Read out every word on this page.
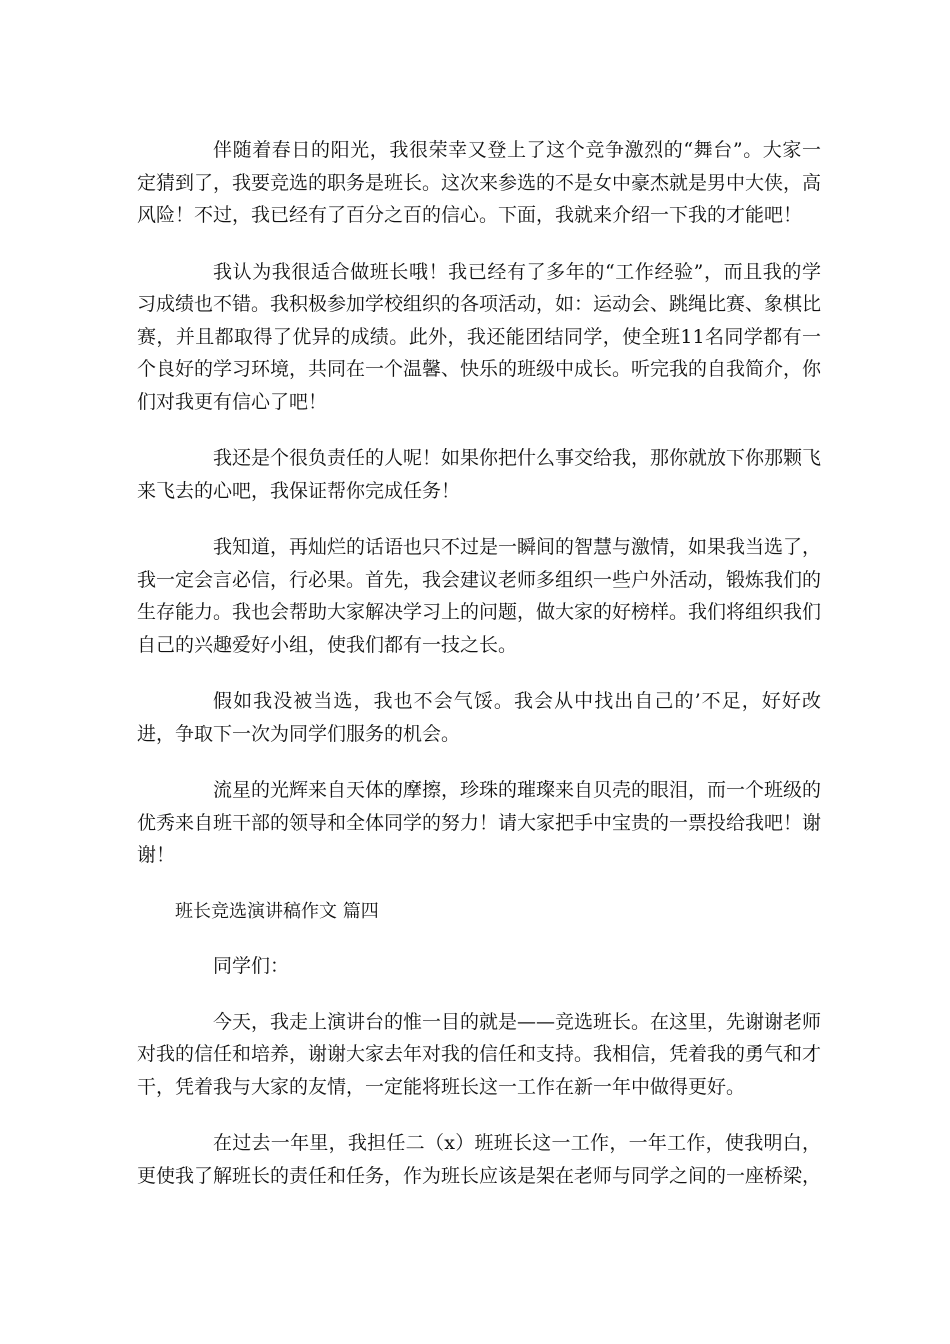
伴随着春日的阳光，我很荣幸又登上了这个竞争激烈的“舞台”。大家一定猜到了，我要竞选的职务是班长。这次来参选的不是女中豪杰就是男中大侠，高风险！不过，我已经有了百分之百的信心。下面，我就来介绍一下我的才能吧！

我认为我很适合做班长哦！我已经有了多年的“工作经验”，而且我的学习成绩也不错。我积极参加学校组织的各项活动，如：运动会、跳绳比赛、象棋比赛，并且都取得了优异的成绩。此外，我还能团结同学，使全班11名同学都有一个良好的学习环境，共同在一个温馨、快乐的班级中成长。听完我的自我简介，你们对我更有信心了吧！

我还是个很负责任的人呢！如果你把什么事交给我，那你就放下你那颗飞来飞去的心吧，我保证帮你完成任务！

我知道，再灿烂的话语也只不过是一瞬间的智慧与激情，如果我当选了，我一定会言必信，行必果。首先，我会建议老师多组织一些户外活动，锻炼我们的生存能力。我也会帮助大家解决学习上的问题，做大家的好榜样。我们将组织我们自己的兴趣爱好小组，使我们都有一技之长。

假如我没被当选，我也不会气馁。我会从中找出自己的’不足，好好改进，争取下一次为同学们服务的机会。

流星的光辉来自天体的摩擦，珍珠的璀璨来自贝壳的眼泪，而一个班级的优秀来自班干部的领导和全体同学的努力！请大家把手中宝贵的一票投给我吧！谢谢！

班长竞选演讲稿作文 篇四
同学们：

今天，我走上演讲台的惟一目的就是——竞选班长。在这里，先谢谢老师对我的信任和培养，谢谢大家去年对我的信任和支持。我相信，凭着我的勇气和才干，凭着我与大家的友情，一定能将班长这一工作在新一年中做得更好。

在过去一年里，我担任二（x）班班长这一工作，一年工作，使我明白，更使我了解班长的责任和任务，作为班长应该是架在老师与同学之间的一座桥梁，
